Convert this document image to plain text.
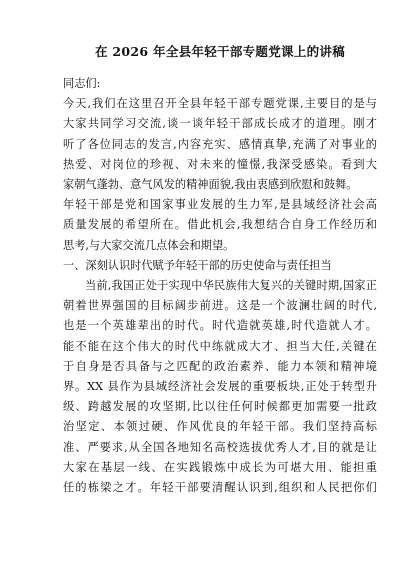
在 2026 年全县年轻干部专题党课上的讲稿
同志们:
今天,我们在这里召开全县年轻干部专题党课,主要目的是与
大家共同学习交流,谈一谈年轻干部成长成才的道理。刚才
听了各位同志的发言,内容充实、感情真挚,充满了对事业的
热爱、对岗位的珍视、对未来的憧憬,我深受感染。看到大
家朝气蓬勃、意气风发的精神面貌,我由衷感到欣慰和鼓舞。
年轻干部是党和国家事业发展的生力军,是县域经济社会高
质量发展的希望所在。借此机会,我想结合自身工作经历和
思考,与大家交流几点体会和期望。
一、深刻认识时代赋予年轻干部的历史使命与责任担当
当前,我国正处于实现中华民族伟大复兴的关键时期,国家正
朝着世界强国的目标阔步前进。这是一个波澜壮阔的时代,
也是一个英雄辈出的时代。时代造就英雄,时代造就人才。
能不能在这个伟大的时代中练就成大才、担当大任,关键在
于自身是否具备与之匹配的政治素养、能力本领和精神境
界。XX 县作为县域经济社会发展的重要板块,正处于转型升
级、跨越发展的攻坚期,比以往任何时候都更加需要一批政
治坚定、本领过硬、作风优良的年轻干部。我们坚持高标
准、严要求,从全国各地知名高校选拔优秀人才,目的就是让
大家在基层一线、在实践锻炼中成长为可堪大用、能担重
任的栋梁之才。年轻干部要清醒认识到,组织和人民把你们
